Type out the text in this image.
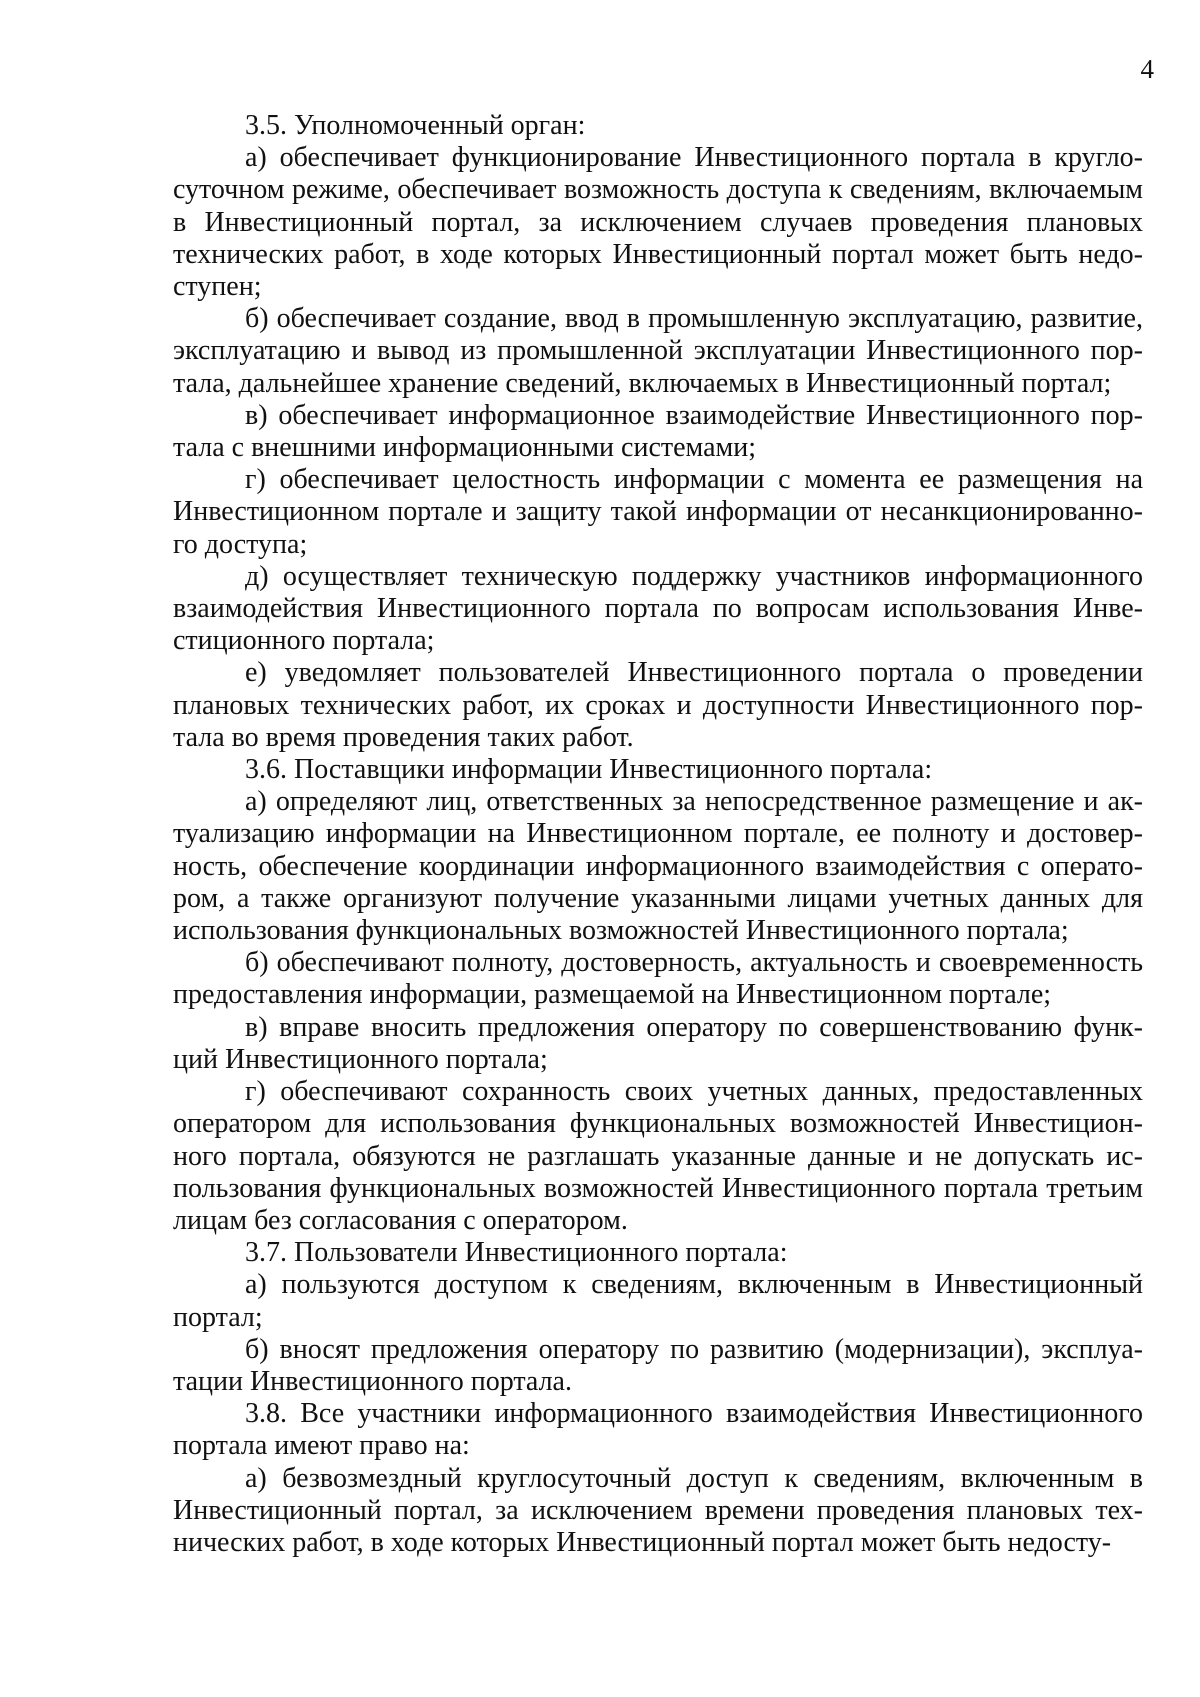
4

3.5. Уполномоченный орган:

а) обеспечивает функционирование Инвестиционного портала в круглосуточном режиме, обеспечивает возможность доступа к сведениям, включаемым в Инвестиционный портал, за исключением случаев проведения плановых технических работ, в ходе которых Инвестиционный портал может быть недоступен;

б) обеспечивает создание, ввод в промышленную эксплуатацию, развитие, эксплуатацию и вывод из промышленной эксплуатации Инвестиционного портала, дальнейшее хранение сведений, включаемых в Инвестиционный портал;

в) обеспечивает информационное взаимодействие Инвестиционного портала с внешними информационными системами;

г) обеспечивает целостность информации с момента ее размещения на Инвестиционном портале и защиту такой информации от несанкционированного доступа;

д) осуществляет техническую поддержку участников информационного взаимодействия Инвестиционного портала по вопросам использования Инвестиционного портала;

е) уведомляет пользователей Инвестиционного портала о проведении плановых технических работ, их сроках и доступности Инвестиционного портала во время проведения таких работ.

3.6. Поставщики информации Инвестиционного портала:

а) определяют лиц, ответственных за непосредственное размещение и актуализацию информации на Инвестиционном портале, ее полноту и достоверность, обеспечение координации информационного взаимодействия с оператором, а также организуют получение указанными лицами учетных данных для использования функциональных возможностей Инвестиционного портала;

б) обеспечивают полноту, достоверность, актуальность и своевременность предоставления информации, размещаемой на Инвестиционном портале;

в) вправе вносить предложения оператору по совершенствованию функций Инвестиционного портала;

г) обеспечивают сохранность своих учетных данных, предоставленных оператором для использования функциональных возможностей Инвестиционного портала, обязуются не разглашать указанные данные и не допускать использования функциональных возможностей Инвестиционного портала третьим лицам без согласования с оператором.

3.7. Пользователи Инвестиционного портала:

а) пользуются доступом к сведениям, включенным в Инвестиционный портал;

б) вносят предложения оператору по развитию (модернизации), эксплуатации Инвестиционного портала.

3.8. Все участники информационного взаимодействия Инвестиционного портала имеют право на:

а) безвозмездный круглосуточный доступ к сведениям, включенным в Инвестиционный портал, за исключением времени проведения плановых технических работ, в ходе которых Инвестиционный портал может быть недосту-
